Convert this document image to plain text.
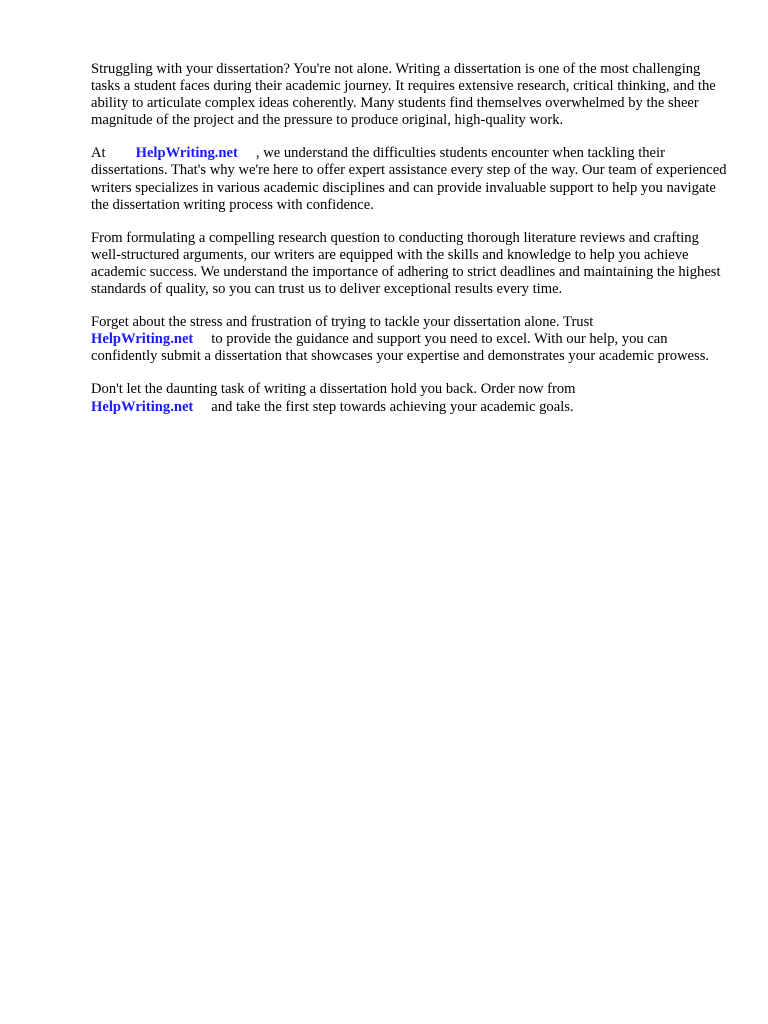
Struggling with your dissertation? You're not alone. Writing a dissertation is one of the most challenging tasks a student faces during their academic journey. It requires extensive research, critical thinking, and the ability to articulate complex ideas coherently. Many students find themselves overwhelmed by the sheer magnitude of the project and the pressure to produce original, high-quality work.

At HelpWriting.net , we understand the difficulties students encounter when tackling their dissertations. That's why we're here to offer expert assistance every step of the way. Our team of experienced writers specializes in various academic disciplines and can provide invaluable support to help you navigate the dissertation writing process with confidence.

From formulating a compelling research question to conducting thorough literature reviews and crafting well-structured arguments, our writers are equipped with the skills and knowledge to help you achieve academic success. We understand the importance of adhering to strict deadlines and maintaining the highest standards of quality, so you can trust us to deliver exceptional results every time.

Forget about the stress and frustration of trying to tackle your dissertation alone. Trust
HelpWriting.net to provide the guidance and support you need to excel. With our help, you can confidently submit a dissertation that showcases your expertise and demonstrates your academic prowess.

Don't let the daunting task of writing a dissertation hold you back. Order now from
HelpWriting.net and take the first step towards achieving your academic goals.
